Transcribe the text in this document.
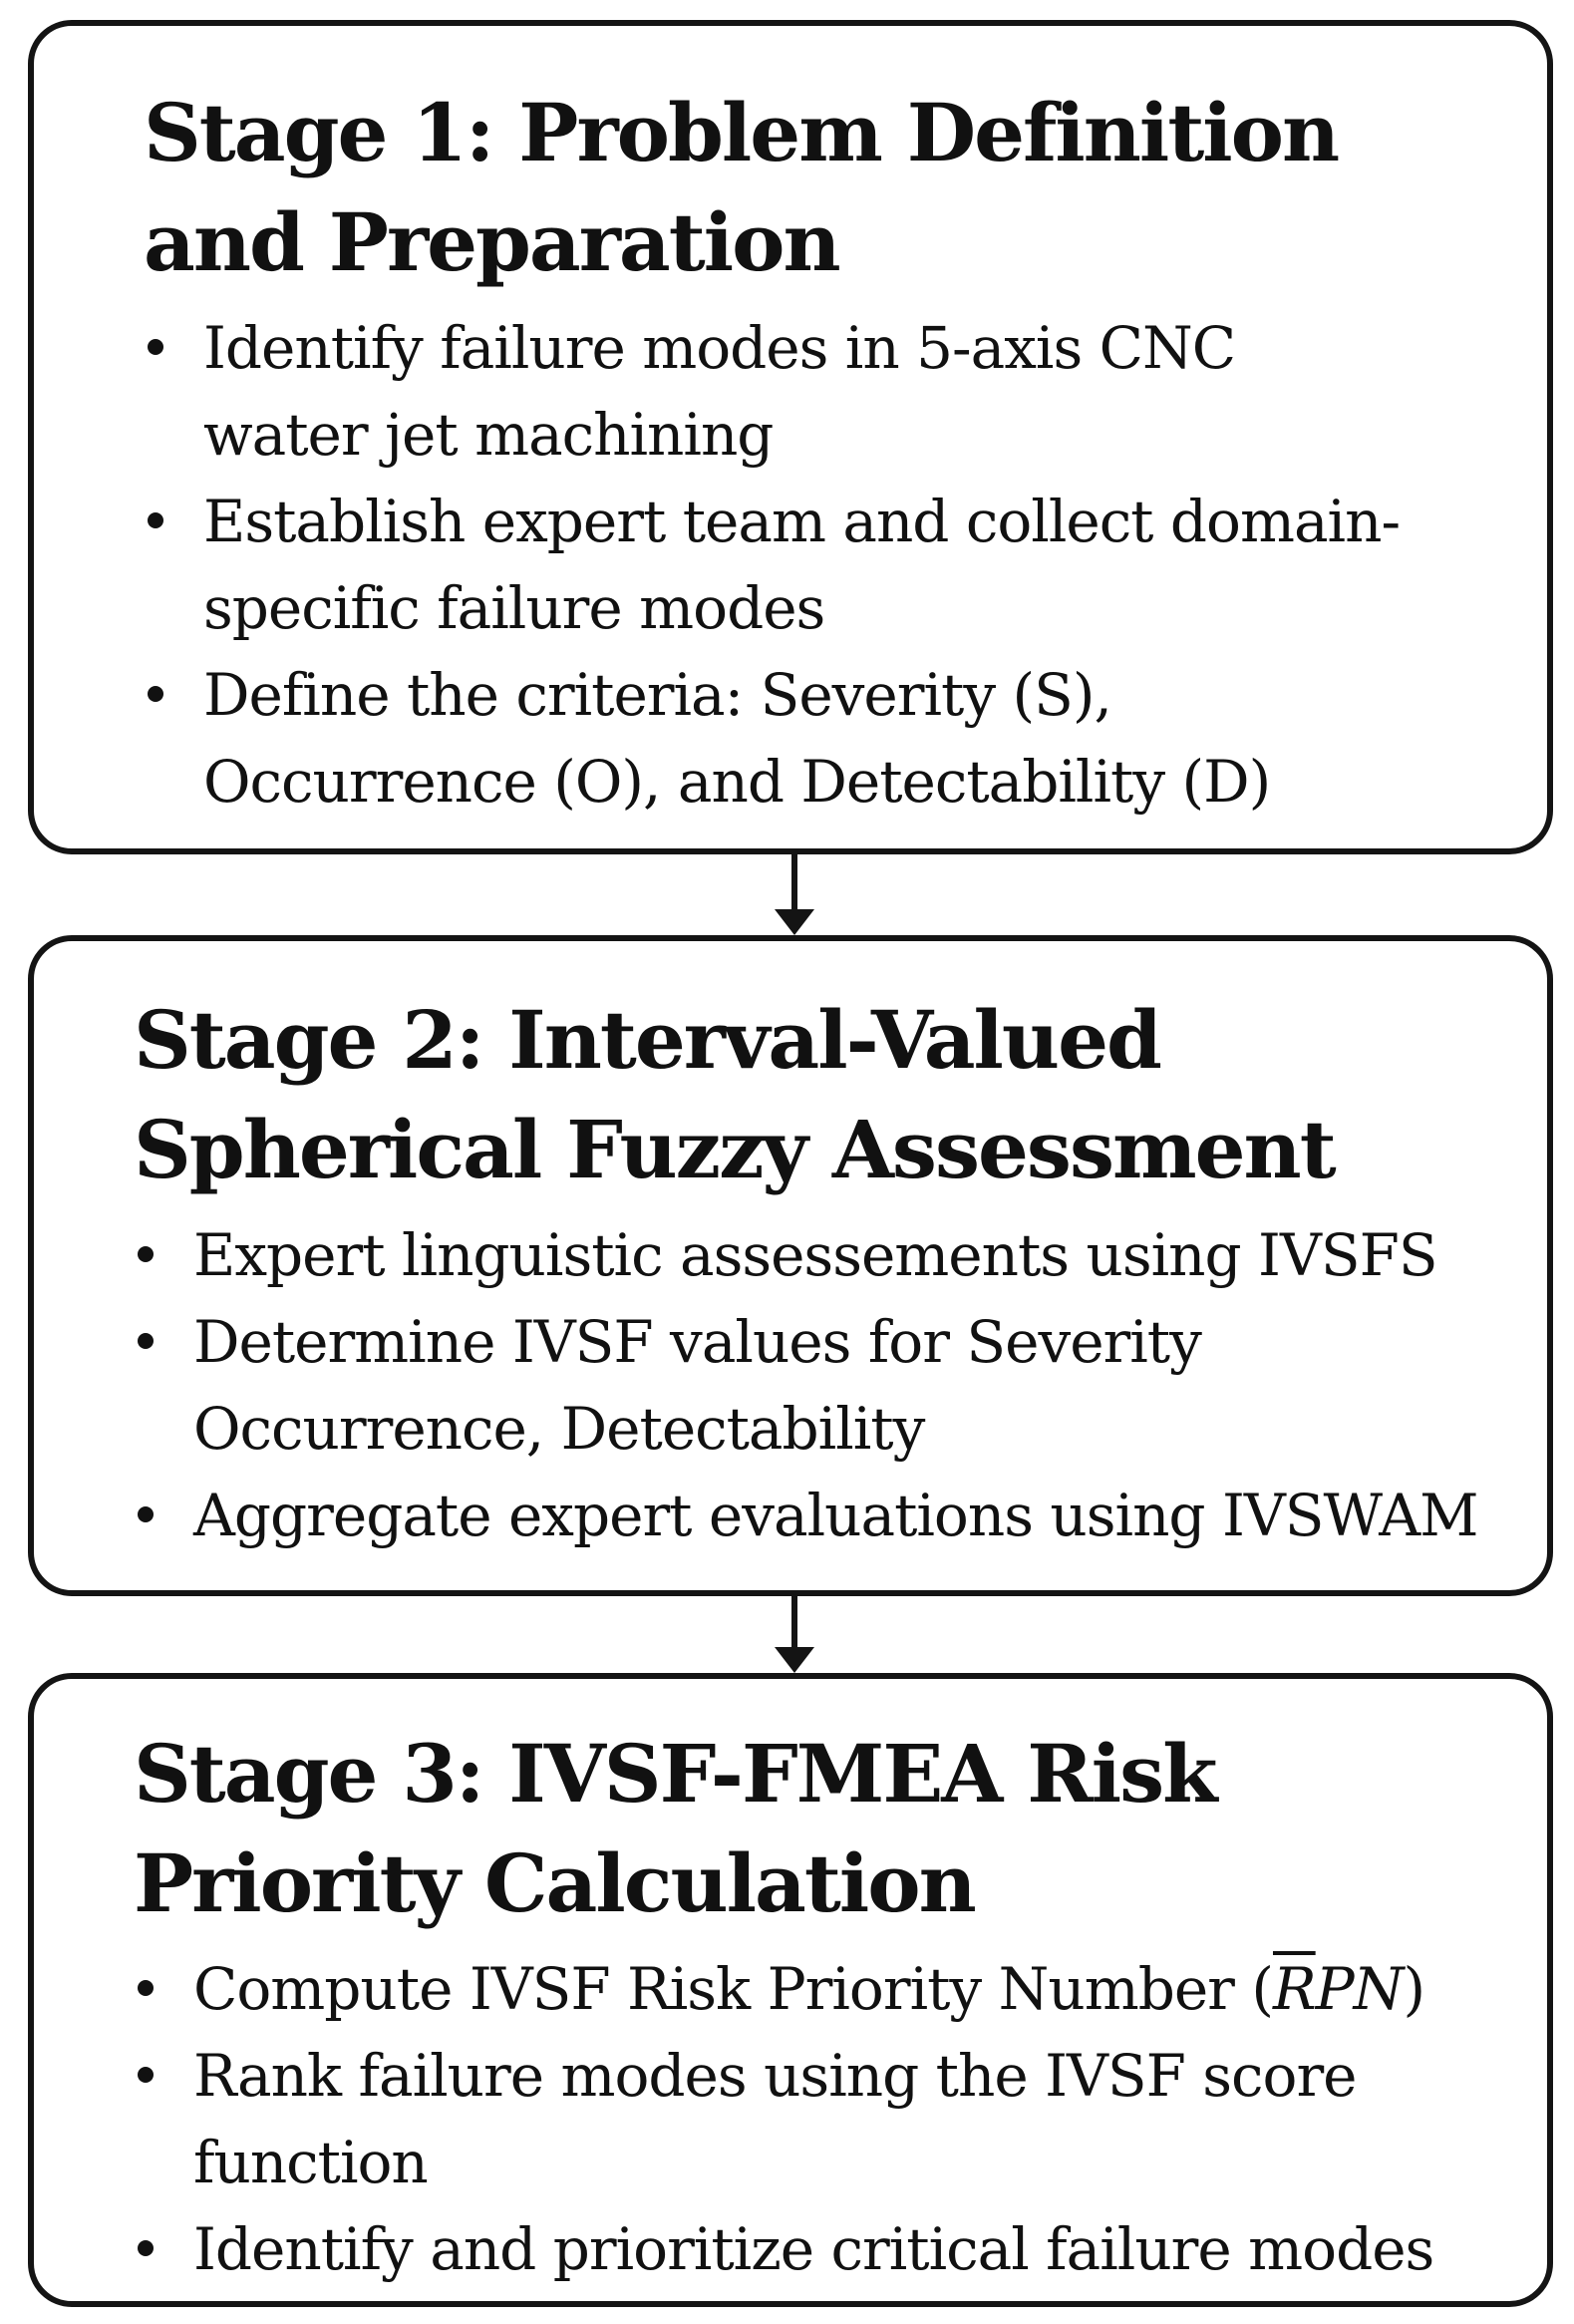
Stage 1: Problem Definition and Preparation
Identify failure modes in 5-axis CNC water jet machining
Establish expert team and collect domain-specific failure modes
Define the criteria: Severity (S), Occurrence (O), and Detectability (D)
Stage 2: Interval-Valued Spherical Fuzzy Assessment
Expert linguistic assessements using IVSFS
Determine IVSF values for Severity Occurrence, Detectability
Aggregate expert evaluations using IVSWAM
Stage 3: IVSF-FMEA Risk Priority Calculation
Compute IVSF Risk Priority Number $(\overline{R}PN)$
Rank failure modes using the IVSF score function
Identify and prioritize critical failure modes
